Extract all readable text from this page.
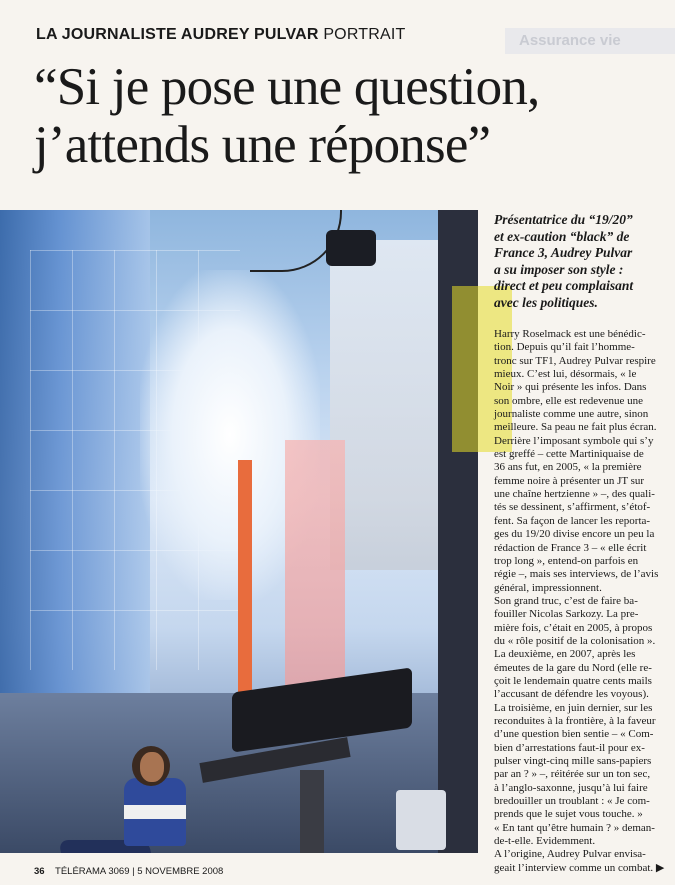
LA JOURNALISTE AUDREY PULVAR PORTRAIT	Assurance vie
“Si je pose une question,
j’attends une réponse”
Présentatrice du “19/20”
et ex-caution “black” de
France 3, Audrey Pulvar
a su imposer son style :
direct et peu complaisant
avec les politiques.
Harry Roselmack est une bénédic-
tion. Depuis qu’il fait l’homme-
tronc sur TF1, Audrey Pulvar respire
mieux. C’est lui, désormais, « le
Noir » qui présente les infos. Dans
son ombre, elle est redevenue une
journaliste comme une autre, sinon
meilleure. Sa peau ne fait plus écran.
Derrière l’imposant symbole qui s’y
est greffé – cette Martiniquaise de
36 ans fut, en 2005, « la première
femme noire à présenter un JT sur
une chaîne hertzienne » –, des quali-
tés se dessinent, s’affirment, s’étof-
fent. Sa façon de lancer les reporta-
ges du 19/20 divise encore un peu la
rédaction de France 3 – « elle écrit
trop long », entend-on parfois en
régie –, mais ses interviews, de l’avis
général, impressionnent.
Son grand truc, c’est de faire ba-
fouiller Nicolas Sarkozy. La pre-
mière fois, c’était en 2005, à propos
du « rôle positif de la colonisation ».
La deuxième, en 2007, après les
émeutes de la gare du Nord (elle re-
çoit le lendemain quatre cents mails
l’accusant de défendre les voyous).
La troisième, en juin dernier, sur les
reconduites à la frontière, à la faveur
d’une question bien sentie – « Com-
bien d’arrestations faut-il pour ex-
pulser vingt-cinq mille sans-papiers
par an ? » –, réitérée sur un ton sec,
à l’anglo-saxonne, jusqu’à lui faire
bredouiller un troublant : « Je com-
prends que le sujet vous touche. »
« En tant qu’être humain ? » deman-
de-t-elle. Evidemment.
A l’origine, Audrey Pulvar envisa-
geait l’interview comme un combat. ▶
36 TÉLÉRAMA 3069 | 5 NOVEMBRE 2008
